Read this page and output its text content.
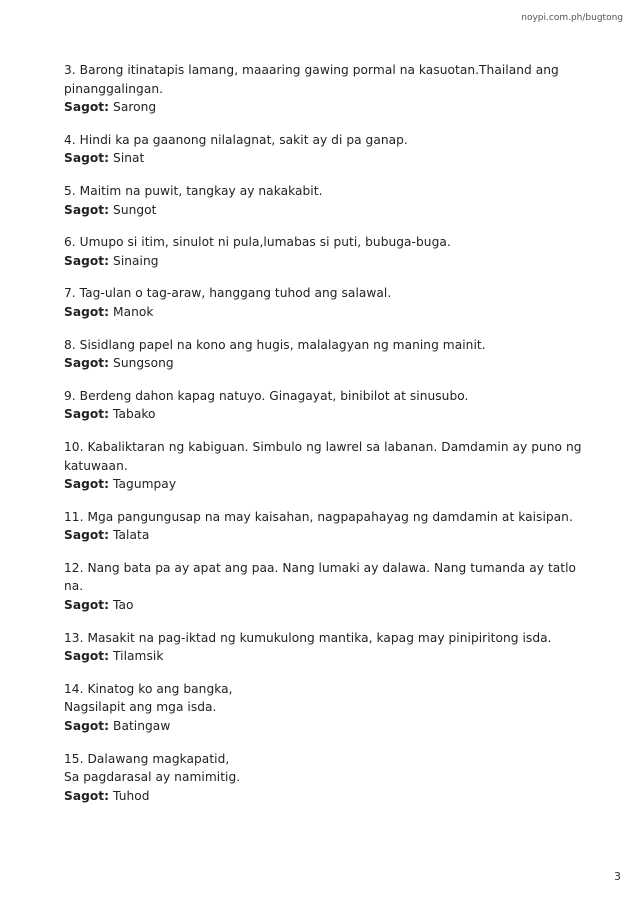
noypi.com.ph/bugtong
3. Barong itinatapis lamang, maaaring gawing pormal na kasuotan.Thailand ang pinanggalingan.
Sagot: Sarong
4. Hindi ka pa gaanong nilalagnat, sakit ay di pa ganap.
Sagot: Sinat
5. Maitim na puwit, tangkay ay nakakabit.
Sagot: Sungot
6. Umupo si itim, sinulot ni pula,lumabas si puti, bubuga-buga.
Sagot: Sinaing
7. Tag-ulan o tag-araw, hanggang tuhod ang salawal.
Sagot: Manok
8. Sisidlang papel na kono ang hugis, malalagyan ng maning mainit.
Sagot: Sungsong
9. Berdeng dahon kapag natuyo. Ginagayat, binibilot at sinusubo.
Sagot: Tabako
10. Kabaliktaran ng kabiguan. Simbulo ng lawrel sa labanan. Damdamin ay puno ng katuwaan.
Sagot: Tagumpay
11. Mga pangungusap na may kaisahan, nagpapahayag ng damdamin at kaisipan.
Sagot: Talata
12. Nang bata pa ay apat ang paa. Nang lumaki ay dalawa. Nang tumanda ay tatlo na.
Sagot: Tao
13. Masakit na pag-iktad ng kumukulong mantika, kapag may pinipiritong isda.
Sagot: Tilamsik
14. Kinatog ko ang bangka,
Nagsilapit ang mga isda.
Sagot: Batingaw
15. Dalawang magkapatid,
Sa pagdarasal ay namimitig.
Sagot: Tuhod
3
